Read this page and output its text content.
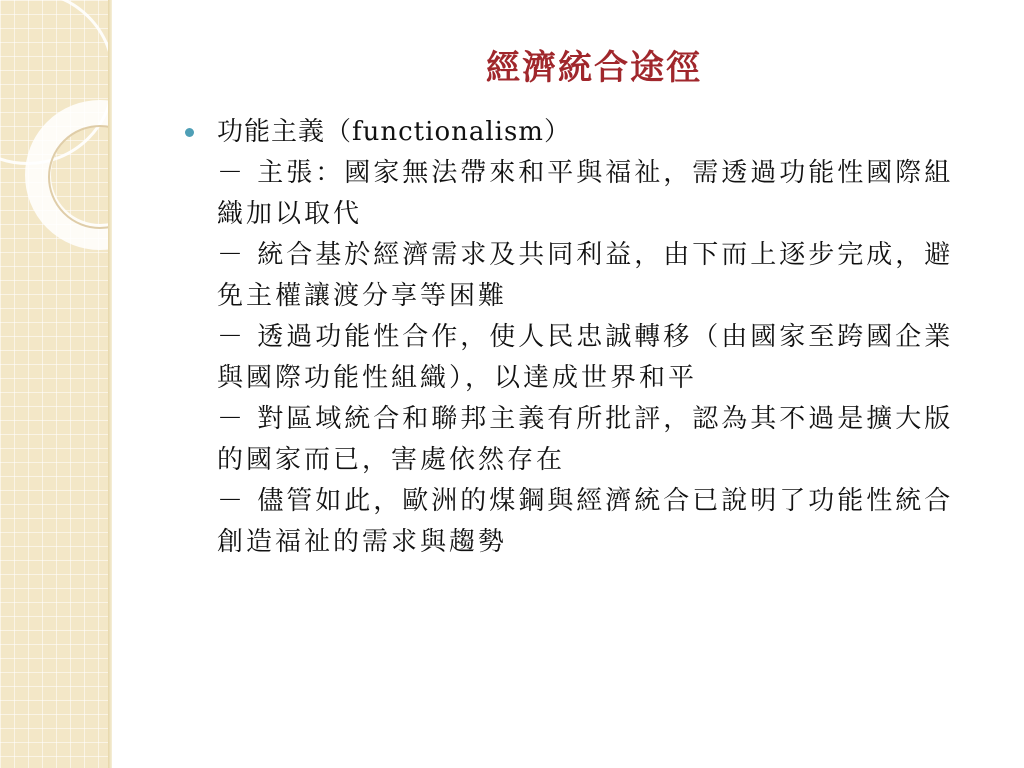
經濟統合途徑
功能主義（functionalism）
－ 主張：國家無法帶來和平與福祉，需透過功能性國際組織加以取代
－ 統合基於經濟需求及共同利益，由下而上逐步完成，避免主權讓渡分享等困難
－ 透過功能性合作，使人民忠誠轉移（由國家至跨國企業與國際功能性組織），以達成世界和平
－ 對區域統合和聯邦主義有所批評，認為其不過是擴大版的國家而已，害處依然存在
－ 儘管如此，歐洲的煤鋼與經濟統合已說明了功能性統合創造福祉的需求與趨勢
